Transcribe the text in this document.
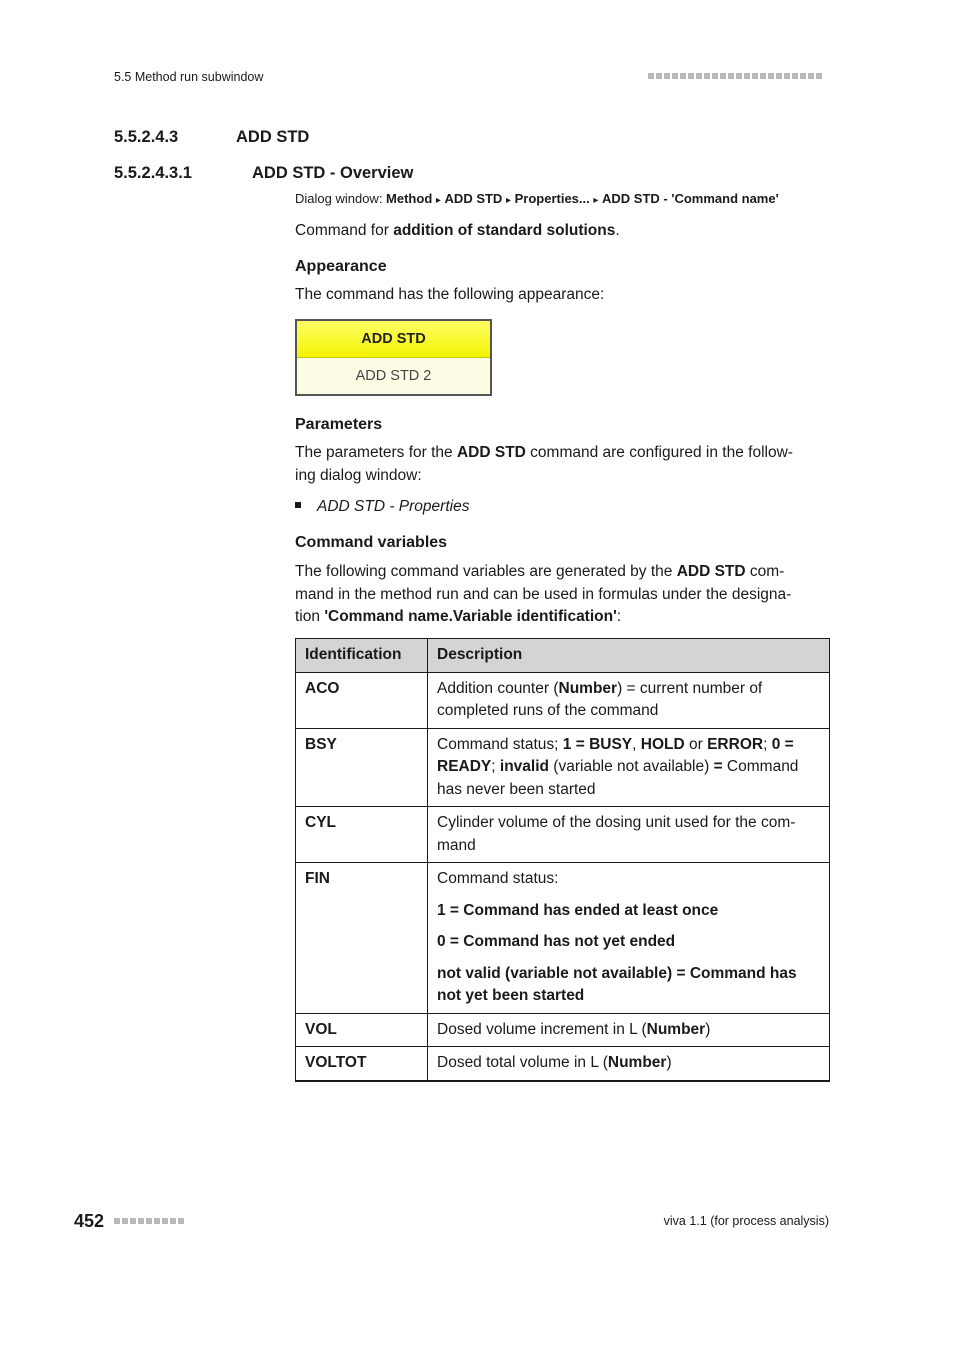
5.5 Method run subwindow
5.5.2.4.3	ADD STD
5.5.2.4.3.1	ADD STD - Overview
Dialog window: Method ▸ ADD STD ▸ Properties... ▸ ADD STD - 'Command name'
Command for addition of standard solutions.
Appearance
The command has the following appearance:
ADD STD
ADD STD 2
Parameters
The parameters for the ADD STD command are configured in the follow-
ing dialog window:
ADD STD - Properties
Command variables
The following command variables are generated by the ADD STD com-
mand in the method run and can be used in formulas under the designa-
tion 'Command name.Variable identification':
Identification	Description
ACO	Addition counter (Number) = current number of completed runs of the command
BSY	Command status; 1 = BUSY, HOLD or ERROR; 0 = READY; invalid (variable not available) = Command has never been started
CYL	Cylinder volume of the dosing unit used for the com-mand
FIN	Command status:
1 = Command has ended at least once
0 = Command has not yet ended
not valid (variable not available) = Command has not yet been started

VOL	Dosed volume increment in L (Number)
VOLTOT	Dosed total volume in L (Number)
452	viva 1.1 (for process analysis)
